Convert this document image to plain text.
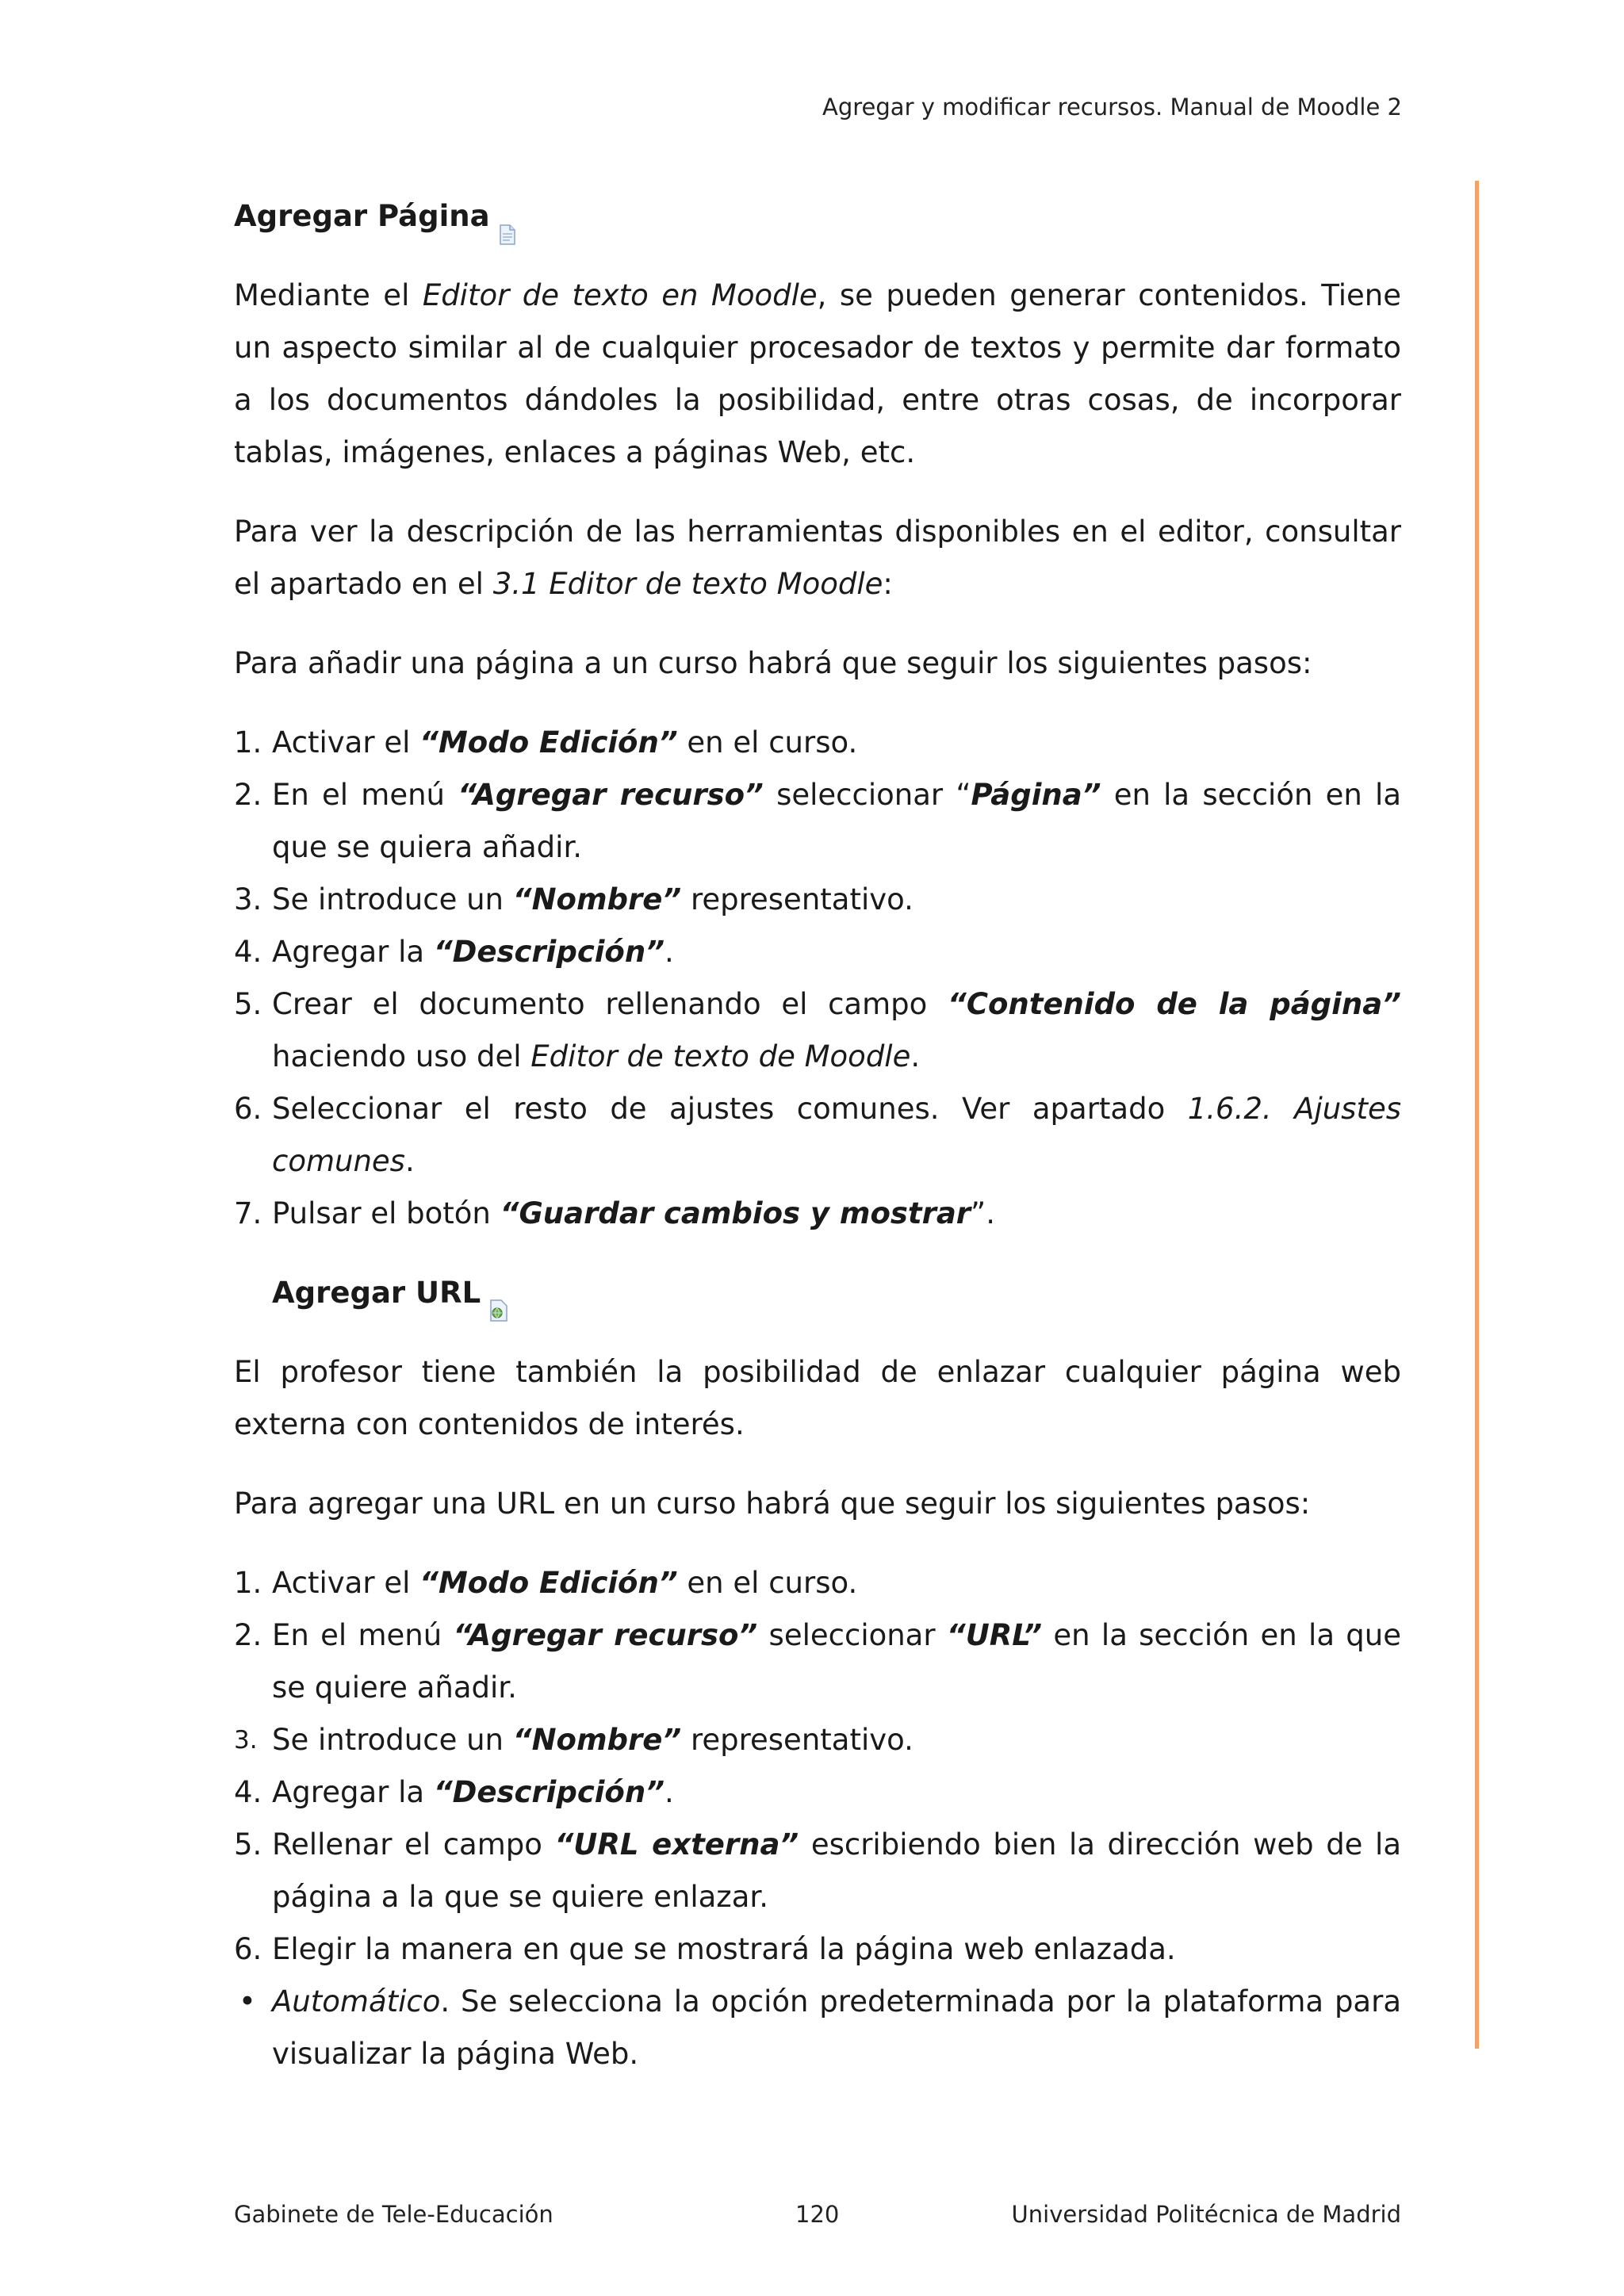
Agregar y modificar recursos. Manual de Moodle 2
Agregar Página

Mediante el Editor de texto en Moodle, se pueden generar contenidos. Tiene un aspecto similar al de cualquier procesador de textos y permite dar formato a los documentos dándoles la posibilidad, entre otras cosas, de incorporar tablas, imágenes, enlaces a páginas Web, etc.

Para ver la descripción de las herramientas disponibles en el editor, consultar el apartado en el 3.1 Editor de texto Moodle:

Para añadir una página a un curso habrá que seguir los siguientes pasos:

1. Activar el “Modo Edición” en el curso.
2. En el menú “Agregar recurso” seleccionar “Página” en la sección en la que se quiera añadir.
3. Se introduce un “Nombre” representativo.
4. Agregar la “Descripción”.
5. Crear el documento rellenando el campo “Contenido de la página” haciendo uso del Editor de texto de Moodle.
6. Seleccionar el resto de ajustes comunes. Ver apartado 1.6.2. Ajustes comunes.
7. Pulsar el botón “Guardar cambios y mostrar”.
Agregar URL

El profesor tiene también la posibilidad de enlazar cualquier página web externa con contenidos de interés.

Para agregar una URL en un curso habrá que seguir los siguientes pasos:

1. Activar el “Modo Edición” en el curso.
2. En el menú “Agregar recurso” seleccionar “URL” en la sección en la que se quiere añadir.
3. Se introduce un “Nombre” representativo.
4. Agregar la “Descripción”.
5. Rellenar el campo “URL externa” escribiendo bien la dirección web de la página a la que se quiere enlazar.
6. Elegir la manera en que se mostrará la página web enlazada.
• Automático. Se selecciona la opción predeterminada por la plataforma para visualizar la página Web.
Gabinete de Tele-Educación	120	Universidad Politécnica de Madrid
